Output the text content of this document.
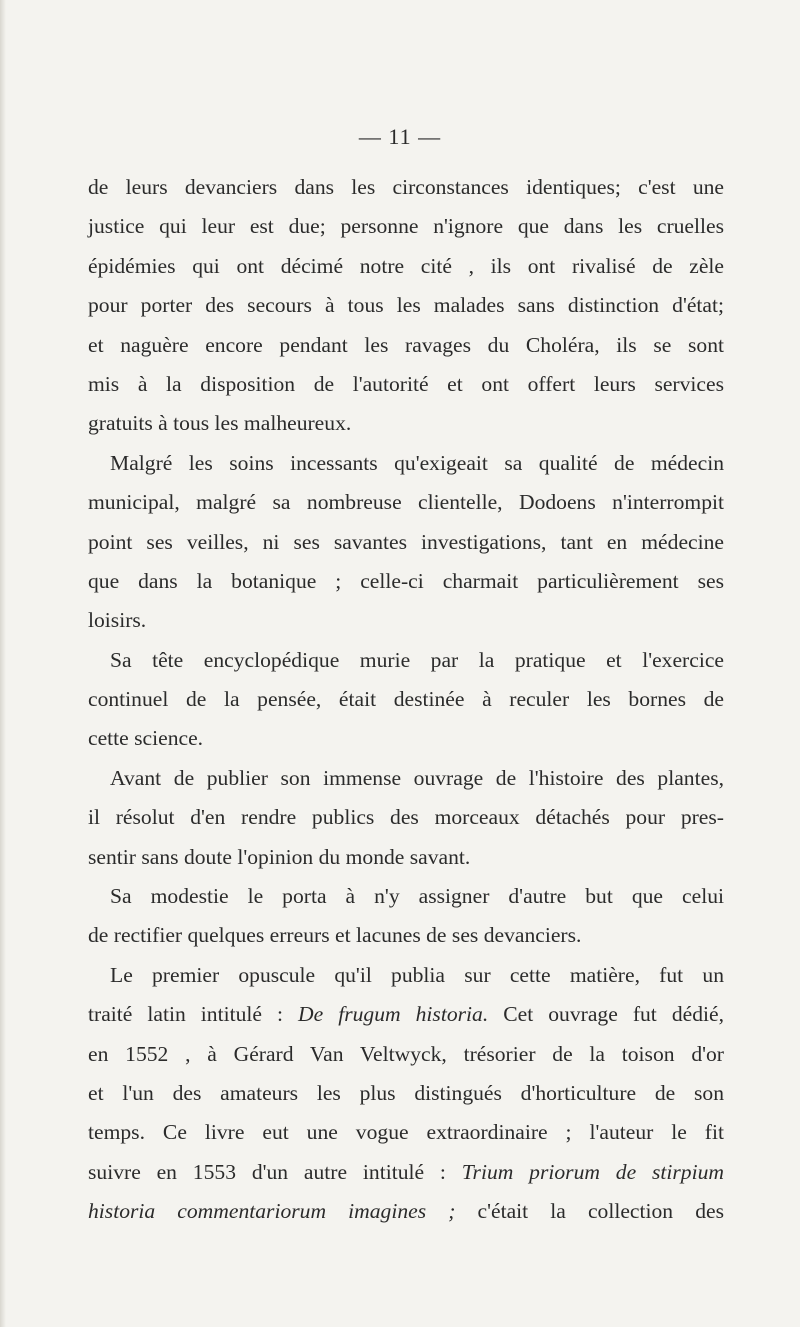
— 11 —
de leurs devanciers dans les circonstances identiques; c'est une
justice qui leur est due; personne n'ignore que dans les cruelles
épidémies qui ont décimé notre cité , ils ont rivalisé de zèle
pour porter des secours à tous les malades sans distinction d'état;
et naguère encore pendant les ravages du Choléra, ils se sont
mis à la disposition de l'autorité et ont offert leurs services
gratuits à tous les malheureux.
Malgré les soins incessants qu'exigeait sa qualité de médecin
municipal, malgré sa nombreuse clientelle, Dodoens n'interrompit
point ses veilles, ni ses savantes investigations, tant en médecine
que dans la botanique ; celle-ci charmait particulièrement ses
loisirs.
Sa tête encyclopédique murie par la pratique et l'exercice
continuel de la pensée, était destinée à reculer les bornes de
cette science.
Avant de publier son immense ouvrage de l'histoire des plantes,
il résolut d'en rendre publics des morceaux détachés pour pres-
sentir sans doute l'opinion du monde savant.
Sa modestie le porta à n'y assigner d'autre but que celui
de rectifier quelques erreurs et lacunes de ses devanciers.
Le premier opuscule qu'il publia sur cette matière, fut un
traité latin intitulé : De frugum historia. Cet ouvrage fut dédié,
en 1552 , à Gérard Van Veltwyck, trésorier de la toison d'or
et l'un des amateurs les plus distingués d'horticulture de son
temps. Ce livre eut une vogue extraordinaire ; l'auteur le fit
suivre en 1553 d'un autre intitulé : Trium priorum de stirpium
historia commentariorum imagines ; c'était la collection des
